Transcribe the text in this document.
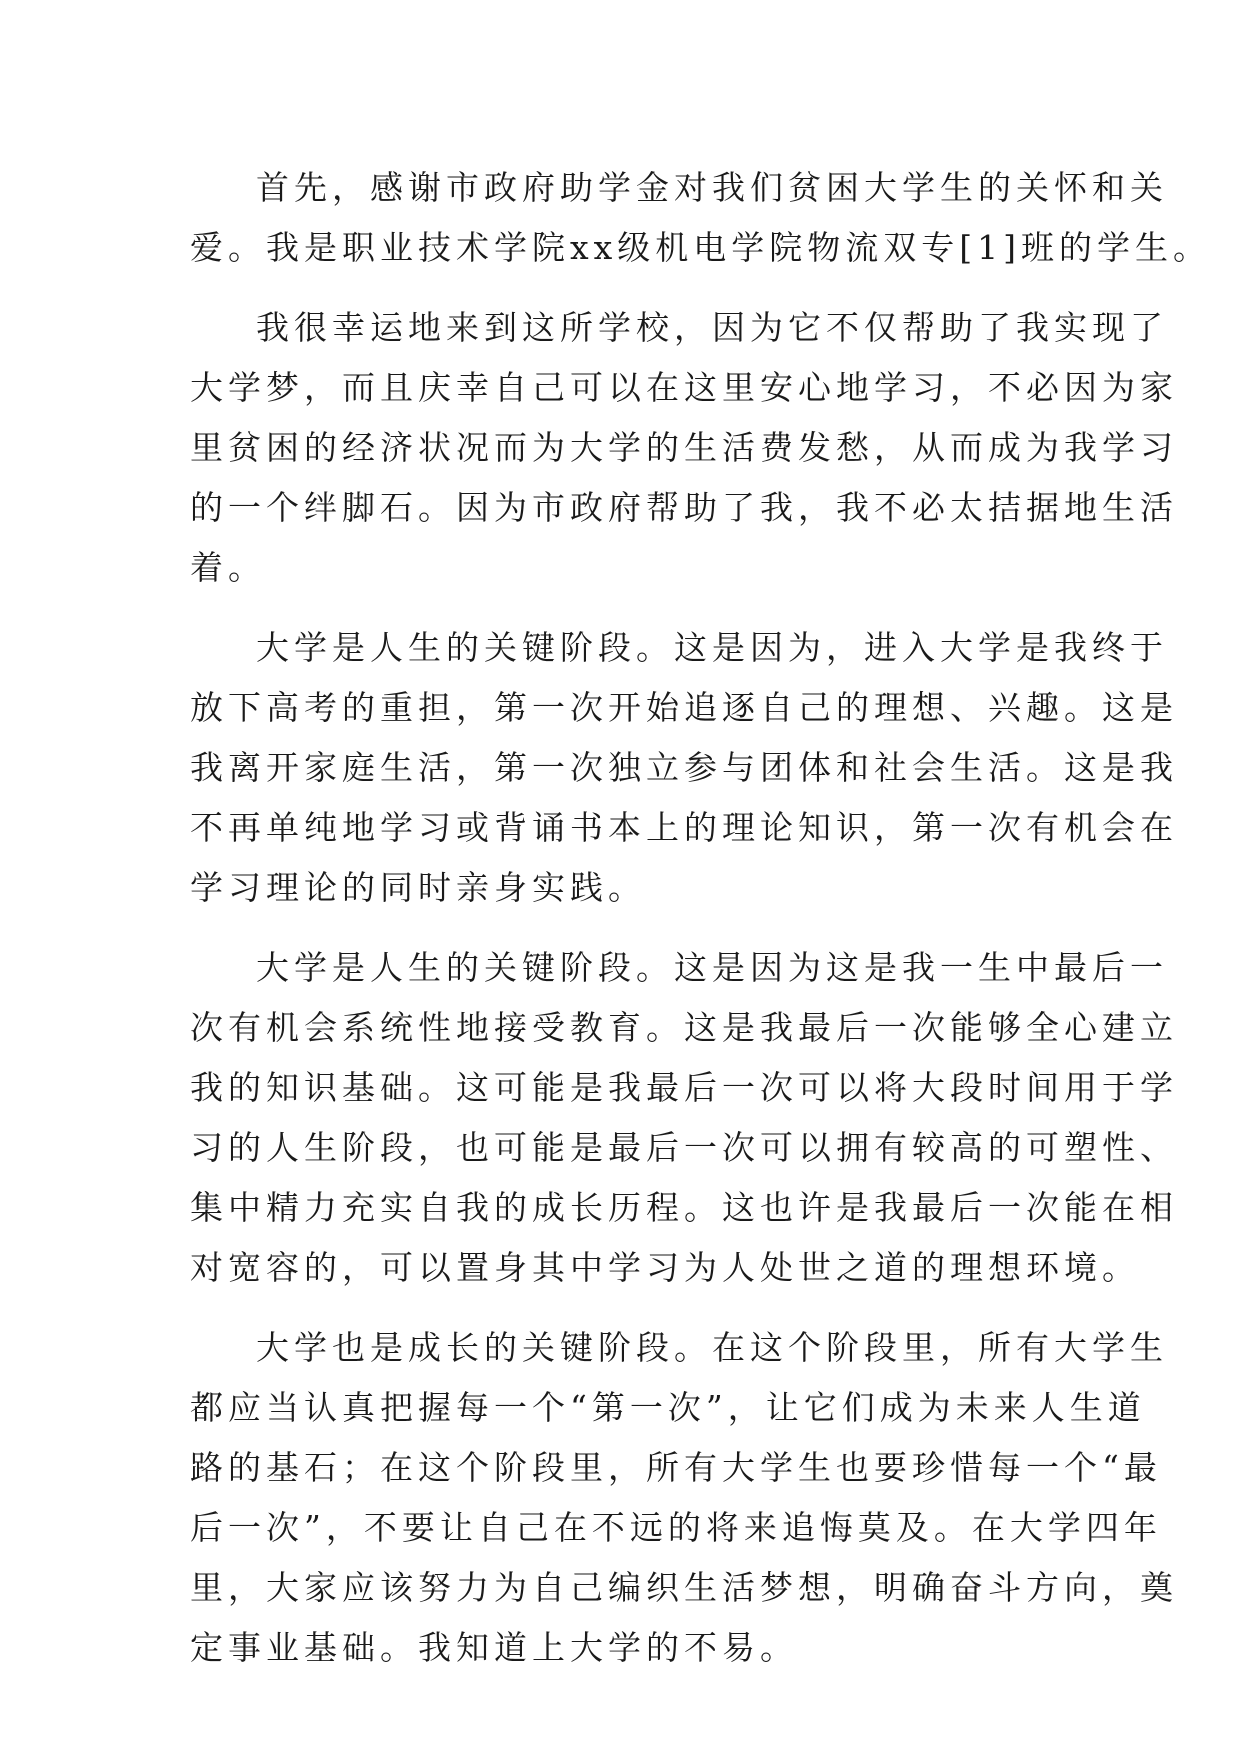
首先，感谢市政府助学金对我们贫困大学生的关怀和关
爱。我是职业技术学院xx级机电学院物流双专[1]班的学生。
我很幸运地来到这所学校，因为它不仅帮助了我实现了
大学梦，而且庆幸自己可以在这里安心地学习，不必因为家
里贫困的经济状况而为大学的生活费发愁，从而成为我学习
的一个绊脚石。因为市政府帮助了我，我不必太拮据地生活
着。
大学是人生的关键阶段。这是因为，进入大学是我终于
放下高考的重担，第一次开始追逐自己的理想、兴趣。这是
我离开家庭生活，第一次独立参与团体和社会生活。这是我
不再单纯地学习或背诵书本上的理论知识，第一次有机会在
学习理论的同时亲身实践。
大学是人生的关键阶段。这是因为这是我一生中最后一
次有机会系统性地接受教育。这是我最后一次能够全心建立
我的知识基础。这可能是我最后一次可以将大段时间用于学
习的人生阶段，也可能是最后一次可以拥有较高的可塑性、
集中精力充实自我的成长历程。这也许是我最后一次能在相
对宽容的，可以置身其中学习为人处世之道的理想环境。
大学也是成长的关键阶段。在这个阶段里，所有大学生
都应当认真把握每一个“第一次”，让它们成为未来人生道
路的基石；在这个阶段里，所有大学生也要珍惜每一个“最
后一次”，不要让自己在不远的将来追悔莫及。在大学四年
里，大家应该努力为自己编织生活梦想，明确奋斗方向，奠
定事业基础。我知道上大学的不易。
